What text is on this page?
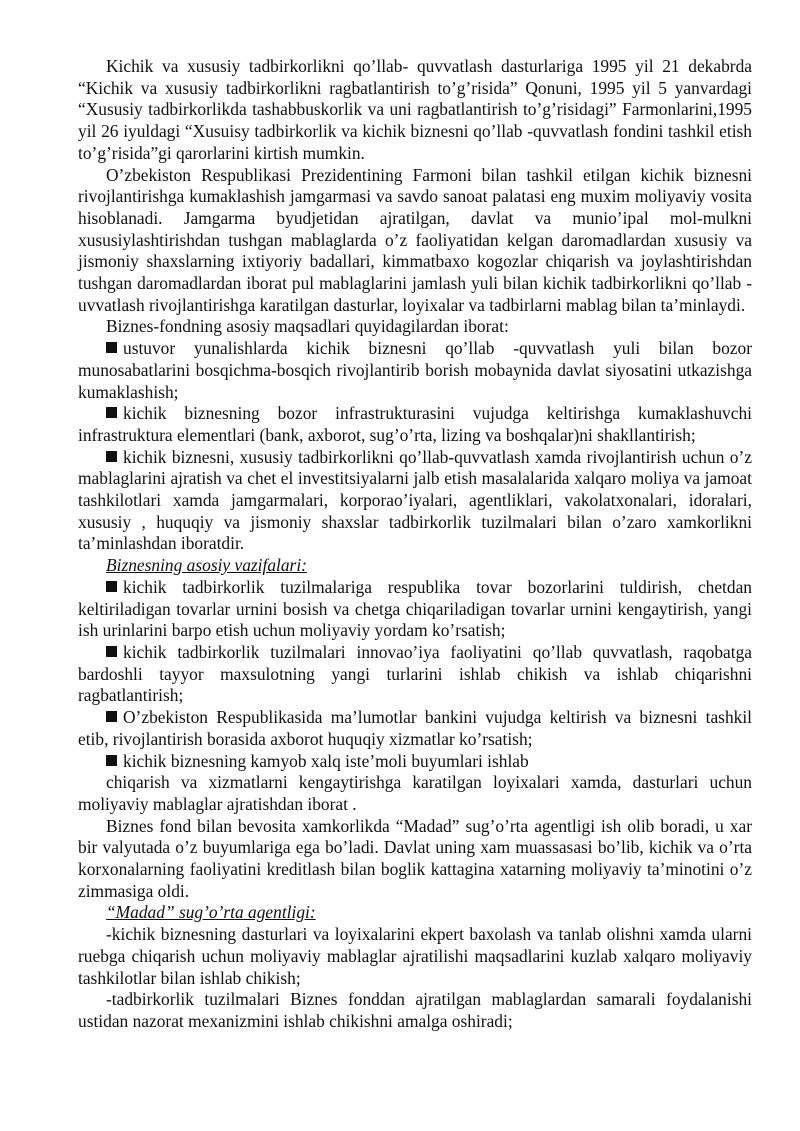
Kichik va xususiy tadbirkorlikni qo’llab- quvvatlash dasturlariga 1995 yil 21 dekabrda “Kichik va xususiy tadbirkorlikni ragbatlantirish to’g’risida” Qonuni, 1995 yil 5 yanvardagi “Xususiy tadbirkorlikda tashabbuskorlik va uni ragbatlantirish to’g’risidagi” Farmonlarini,1995 yil 26 iyuldagi “Xusuisy tadbirkorlik va kichik biznesni qo’llab -quvvatlash fondini tashkil etish to’g’risida”gi qarorlarini kirtish mumkin.

O’zbekiston Respublikasi Prezidentining Farmoni bilan tashkil etilgan kichik biznesni rivojlantirishga kumaklashish jamgarmasi va savdo sanoat palatasi eng muxim moliyaviy vosita hisoblanadi. Jamgarma byudjetidan ajratilgan, davlat va munio’ipal mol-mulkni xususiylashtirishdan tushgan mablaglarda o’z faoliyatidan kelgan daromadlardan xususiy va jismoniy shaxslarning ixtiyoriy badallari, kimmatbaxo kogozlar chiqarish va joylashtirishdan tushgan daromadlardan iborat pul mablaglarini jamlash yuli bilan kichik tadbirkorlikni qo’llab -uvvatlash rivojlantirishga karatilgan dasturlar, loyixalar va tadbirlarni mablag bilan ta’minlaydi.

Biznes-fondning asosiy maqsadlari quyidagilardan iborat:

ustuvor yunalishlarda kichik biznesni qo’llab -quvvatlash yuli bilan bozor munosabatlarini bosqichma-bosqich rivojlantirib borish mobaynida davlat siyosatini utkazishga kumaklashish;

kichik biznesning bozor infrastrukturasini vujudga keltirishga kumaklashuvchi infrastruktura elementlari (bank, axborot, sug’o’rta, lizing va boshqalar)ni shakllantirish;

kichik biznesni, xususiy tadbirkorlikni qo’llab-quvvatlash xamda rivojlantirish uchun o’z mablaglarini ajratish va chet el investitsiyalarni jalb etish masalalarida xalqaro moliya va jamoat tashkilotlari xamda jamgarmalari, korporao’iyalari, agentliklari, vakolatxonalari, idoralari, xususiy , huquqiy va jismoniy shaxslar tadbirkorlik tuzilmalari bilan o’zaro xamkorlikni ta’minlashdan iboratdir.

Biznesning asosiy vazifalari:

kichik tadbirkorlik tuzilmalariga respublika tovar bozorlarini tuldirish, chetdan keltiriladigan tovarlar urnini bosish va chetga chiqariladigan tovarlar urnini kengaytirish, yangi ish urinlarini barpo etish uchun moliyaviy yordam ko’rsatish;

kichik tadbirkorlik tuzilmalari innovao’iya faoliyatini qo’llab quvvatlash, raqobatga bardoshli tayyor maxsulotning yangi turlarini ishlab chikish va ishlab chiqarishni ragbatlantirish;

O’zbekiston Respublikasida ma’lumotlar bankini vujudga keltirish va biznesni tashkil etib, rivojlantirish borasida axborot huquqiy xizmatlar ko’rsatish;

kichik biznesning kamyob xalq iste’moli buyumlari ishlab

chiqarish va xizmatlarni kengaytirishga karatilgan loyixalari xamda, dasturlari uchun moliyaviy mablaglar ajratishdan iborat .

Biznes fond bilan bevosita xamkorlikda “Madad” sug’o’rta agentligi ish olib boradi, u xar bir valyutada o’z buyumlariga ega bo’ladi. Davlat uning xam muassasasi bo’lib, kichik va o’rta korxonalarning faoliyatini kreditlash bilan boglik kattagina xatarning moliyaviy ta’minotini o’z zimmasiga oldi.

“Madad” sug’o’rta agentligi:

-kichik biznesning dasturlari va loyixalarini ekpert baxolash va tanlab olishni xamda ularni ruebga chiqarish uchun moliyaviy mablaglar ajratilishi maqsadlarini kuzlab xalqaro moliyaviy tashkilotlar bilan ishlab chikish;

-tadbirkorlik tuzilmalari Biznes fonddan ajratilgan mablaglardan samarali foydalanishi ustidan nazorat mexanizmini ishlab chikishni amalga oshiradi;
